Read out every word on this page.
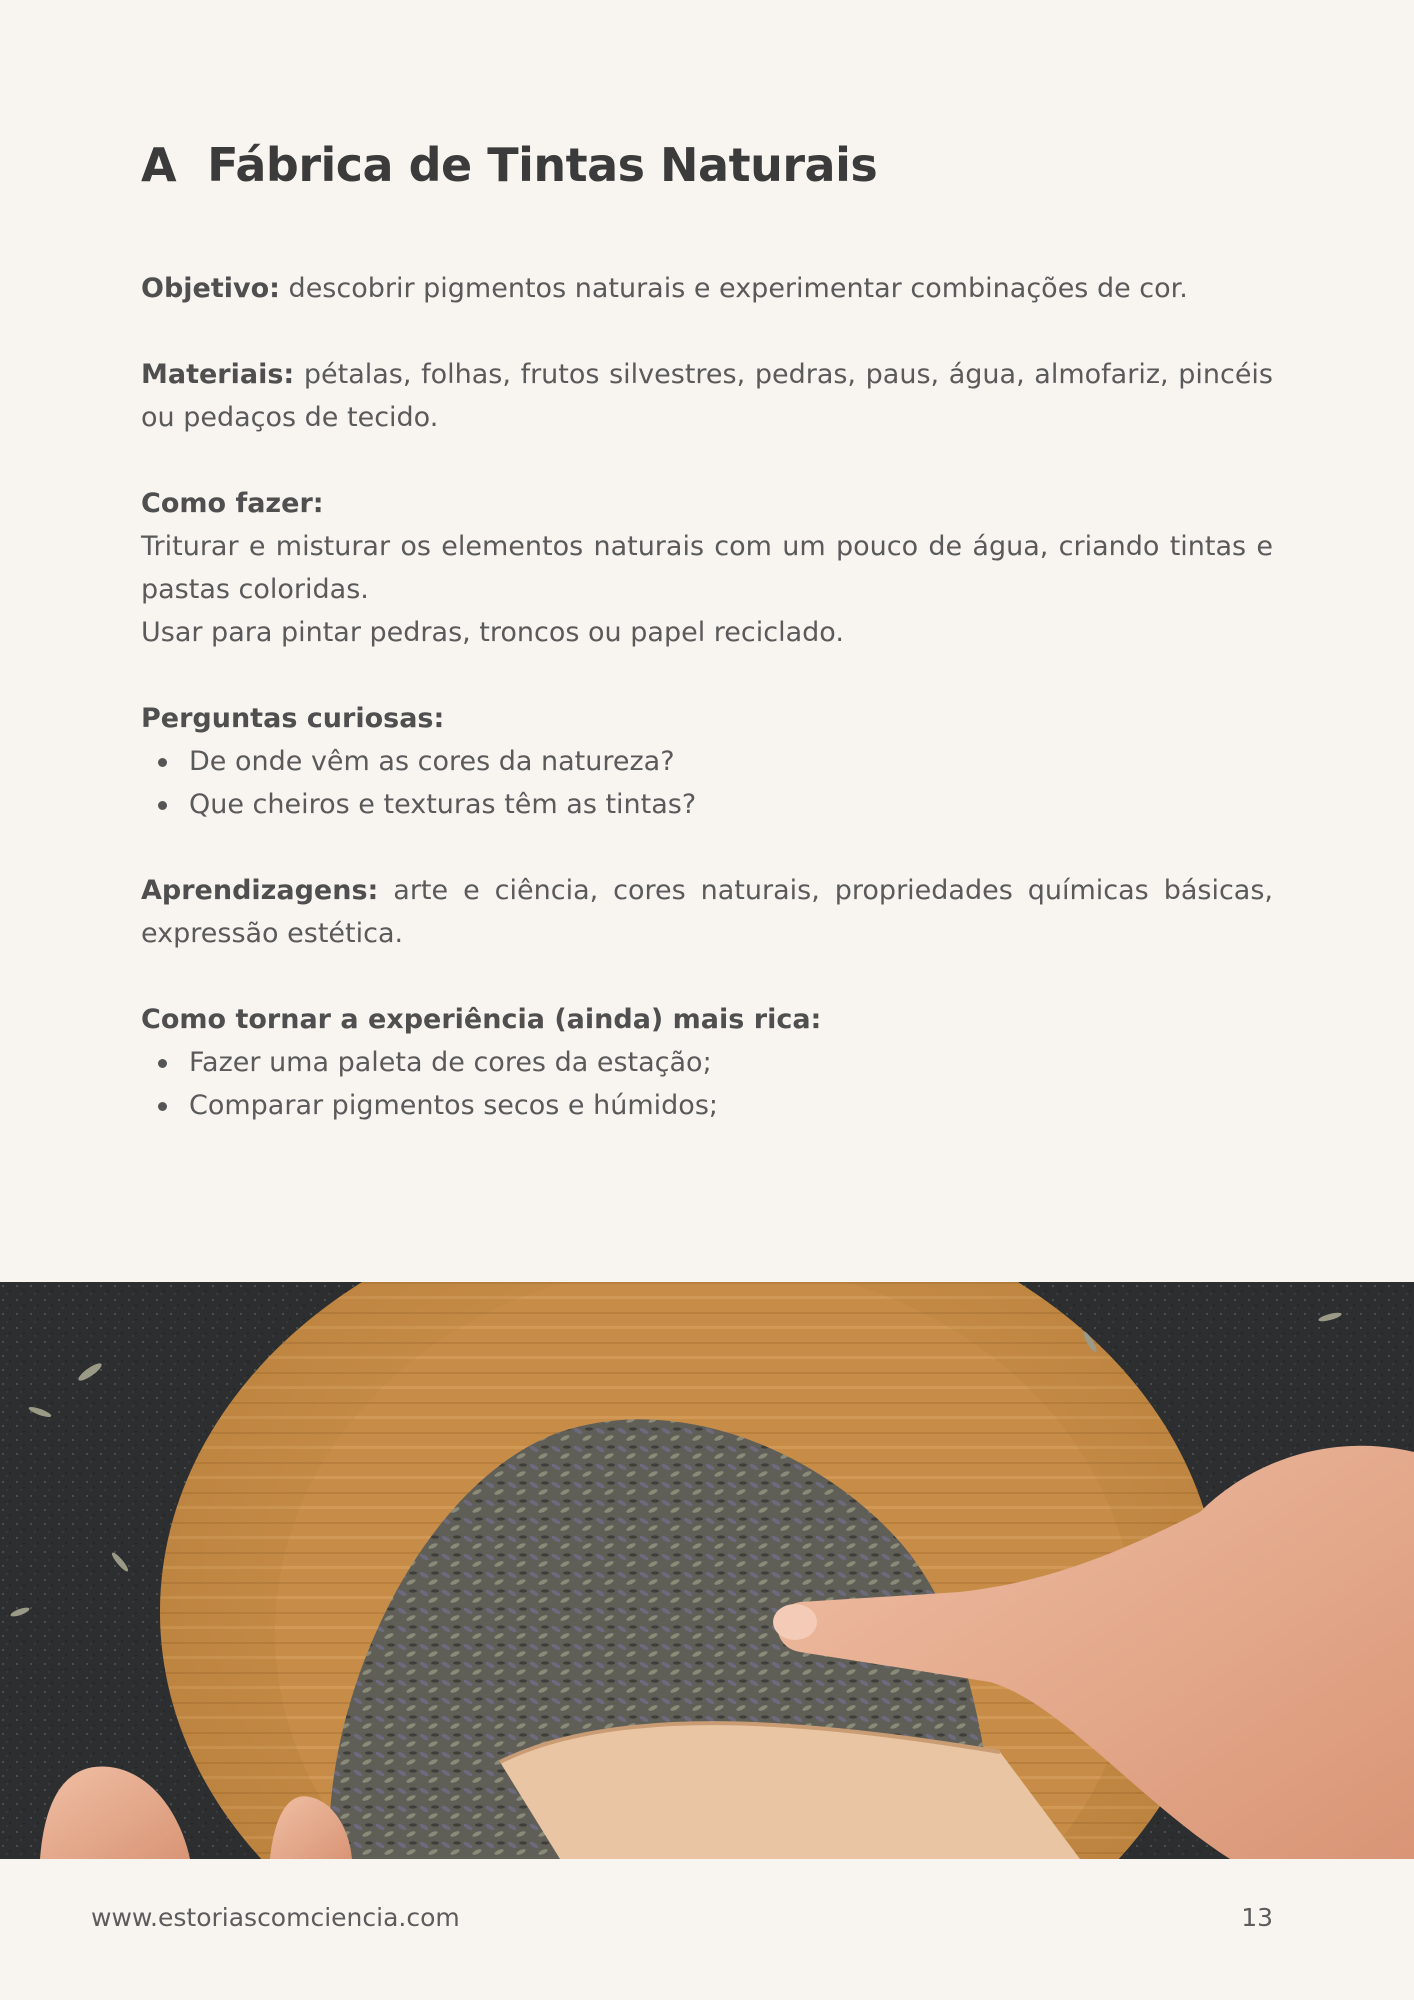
A  Fábrica de Tintas Naturais

Objetivo: descobrir pigmentos naturais e experimentar combinações de cor.

Materiais: pétalas, folhas, frutos silvestres, pedras, paus, água, almofariz, pincéis ou pedaços de tecido.

Como fazer:

Triturar e misturar os elementos naturais com um pouco de água, criando tintas e pastas coloridas.

Usar para pintar pedras, troncos ou papel reciclado.

Perguntas curiosas:
De onde vêm as cores da natureza?
Que cheiros e texturas têm as tintas?

Aprendizagens: arte e ciência, cores naturais, propriedades químicas básicas, expressão estética.

Como tornar a experiência (ainda) mais rica:
Fazer uma paleta de cores da estação;
Comparar pigmentos secos e húmidos;
www.estoriascomciencia.com	13
